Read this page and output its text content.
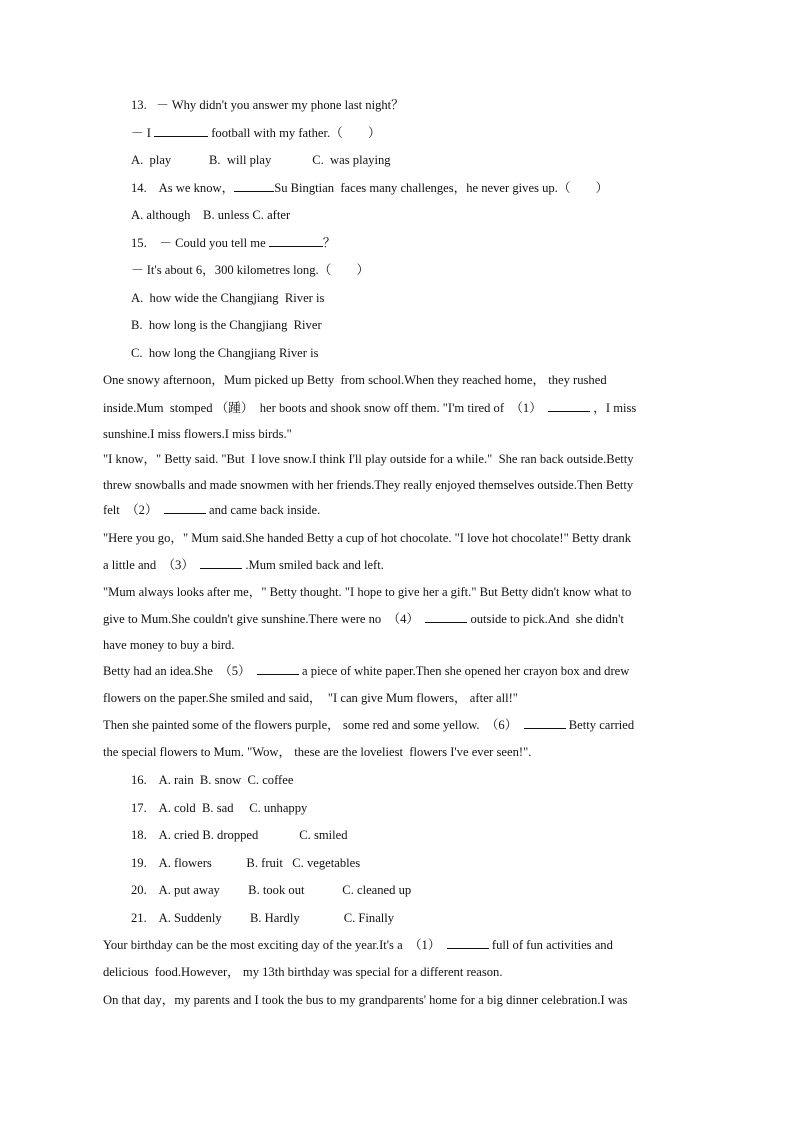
13.   － Why didn't you answer my phone last night？
－ I	football with my father.（        ）
A.  play            B.  will play             C.  was playing
14.    As we know，	Su Bingtian  faces many challenges，he never gives up.（        ）
A. although    B. unless C. after
15.    － Could you tell me	？
－ It's about 6，300 kilometres long.（        ）
A.  how wide the Changjiang  River is
B.  how long is the Changjiang  River
C.  how long the Changjiang River is
One snowy afternoon，Mum picked up Betty  from school.When they reached home， they rushed
inside.Mum  stomped （踵）  her boots and shook snow off them. "I'm tired of  （1）	，I miss
sunshine.I miss flowers.I miss birds."
"I know，" Betty said. "But  I love snow.I think I'll play outside for a while."  She ran back outside.Betty
threw snowballs and made snowmen with her friends.They really enjoyed themselves outside.Then Betty
felt  （2）	and came back inside.
"Here you go，" Mum said.She handed Betty a cup of hot chocolate. "I love hot chocolate!" Betty drank
a little and  （3）	.Mum smiled back and left.
"Mum always looks after me，" Betty thought. "I hope to give her a gift." But Betty didn't know what to
give to Mum.She couldn't give sunshine.There were no  （4）	outside to pick.And  she didn't
have money to buy a bird.
Betty had an idea.She  （5）	a piece of white paper.Then she opened her crayon box and drew
flowers on the paper.She smiled and said，  "I can give Mum flowers， after all!"
Then she painted some of the flowers purple， some red and some yellow.  （6）	Betty carried
the special flowers to Mum. "Wow， these are the loveliest  flowers I've ever seen!".
16.    A. rain  B. snow  C. coffee
17.    A. cold  B. sad     C. unhappy
18.    A. cried B. dropped             C. smiled
19.    A. flowers           B. fruit   C. vegetables
20.    A. put away         B. took out            C. cleaned up
21.    A. Suddenly         B. Hardly              C. Finally
Your birthday can be the most exciting day of the year.It's a  （1）	full of fun activities and
delicious  food.However， my 13th birthday was special for a different reason.
On that day，my parents and I took the bus to my grandparents' home for a big dinner celebration.I was
